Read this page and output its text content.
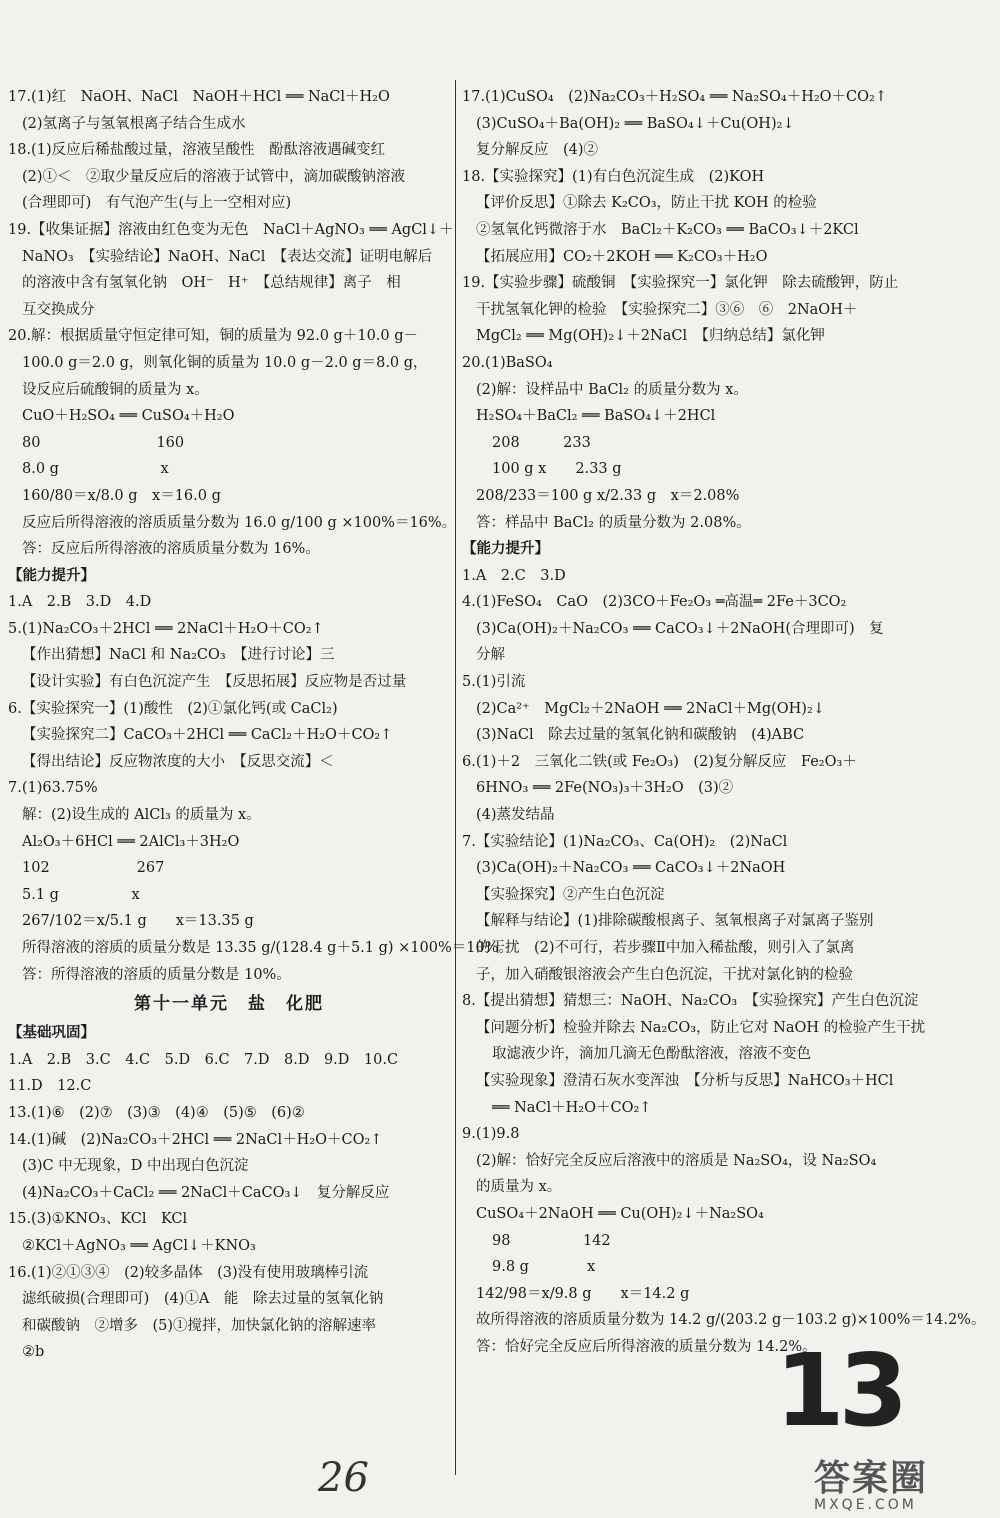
17.(1)红　NaOH、NaCl　NaOH＋HCl ══ NaCl＋H₂O
(2)氢离子与氢氧根离子结合生成水
18.(1)反应后稀盐酸过量，溶液呈酸性　酚酞溶液遇碱变红
(2)①＜　②取少量反应后的溶液于试管中，滴加碳酸钠溶液
(合理即可)　有气泡产生(与上一空相对应)
19.【收集证据】溶液由红色变为无色　NaCl＋AgNO₃ ══ AgCl↓＋
NaNO₃　【实验结论】NaOH、NaCl　【表达交流】证明电解后
的溶液中含有氢氧化钠　OH⁻　H⁺　【总结规律】离子　相
互交换成分
20.解：根据质量守恒定律可知，铜的质量为 92.0 g＋10.0 g－
100.0 g＝2.0 g，则氧化铜的质量为 10.0 g－2.0 g＝8.0 g，
设反应后硫酸铜的质量为 x。
CuO＋H₂SO₄ ══ CuSO₄＋H₂O
80　　　　　　　　160
8.0 g　　　　　　　x
160/80＝x/8.0 g　x＝16.0 g
反应后所得溶液的溶质质量分数为 16.0 g/100 g ×100%＝16%。
答：反应后所得溶液的溶质质量分数为 16%。
【能力提升】
1.A　2.B　3.D　4.D
5.(1)Na₂CO₃＋2HCl ══ 2NaCl＋H₂O＋CO₂↑
【作出猜想】NaCl 和 Na₂CO₃　【进行讨论】三
【设计实验】有白色沉淀产生　【反思拓展】反应物是否过量
6.【实验探究一】(1)酸性　(2)①氯化钙(或 CaCl₂)
【实验探究二】CaCO₃＋2HCl ══ CaCl₂＋H₂O＋CO₂↑
【得出结论】反应物浓度的大小　【反思交流】＜
7.(1)63.75%
解：(2)设生成的 AlCl₃ 的质量为 x。
Al₂O₃＋6HCl ══ 2AlCl₃＋3H₂O
102　　　　　　267
5.1 g　　　　　x
267/102＝x/5.1 g　　x＝13.35 g
所得溶液的溶质的质量分数是 13.35 g/(128.4 g＋5.1 g) ×100%＝10%。
答：所得溶液的溶质的质量分数是 10%。
第十一单元　盐　化肥
【基础巩固】
1.A　2.B　3.C　4.C　5.D　6.C　7.D　8.D　9.D　10.C
11.D　12.C
13.(1)⑥　(2)⑦　(3)③　(4)④　(5)⑤　(6)②
14.(1)碱　(2)Na₂CO₃＋2HCl ══ 2NaCl＋H₂O＋CO₂↑
(3)C 中无现象，D 中出现白色沉淀
(4)Na₂CO₃＋CaCl₂ ══ 2NaCl＋CaCO₃↓　复分解反应
15.(3)①KNO₃、KCl　KCl
②KCl＋AgNO₃ ══ AgCl↓＋KNO₃
16.(1)②①③④　(2)较多晶体　(3)没有使用玻璃棒引流
滤纸破损(合理即可)　(4)①A　能　除去过量的氢氧化钠
和碳酸钠　②增多　(5)①搅拌，加快氯化钠的溶解速率
②b
17.(1)CuSO₄　(2)Na₂CO₃＋H₂SO₄ ══ Na₂SO₄＋H₂O＋CO₂↑
(3)CuSO₄＋Ba(OH)₂ ══ BaSO₄↓＋Cu(OH)₂↓
复分解反应　(4)②
18.【实验探究】(1)有白色沉淀生成　(2)KOH
【评价反思】①除去 K₂CO₃，防止干扰 KOH 的检验
②氢氧化钙微溶于水　BaCl₂＋K₂CO₃ ══ BaCO₃↓＋2KCl
【拓展应用】CO₂＋2KOH ══ K₂CO₃＋H₂O
19.【实验步骤】硫酸铜　【实验探究一】氯化钾　除去硫酸钾，防止
干扰氢氧化钾的检验　【实验探究二】③⑥　⑥　2NaOH＋
MgCl₂ ══ Mg(OH)₂↓＋2NaCl　【归纳总结】氯化钾
20.(1)BaSO₄
(2)解：设样品中 BaCl₂ 的质量分数为 x。
H₂SO₄＋BaCl₂ ══ BaSO₄↓＋2HCl
208　　　233
100 g x　　2.33 g
208/233＝100 g x/2.33 g　x＝2.08%
答：样品中 BaCl₂ 的质量分数为 2.08%。
【能力提升】
1.A　2.C　3.D
4.(1)FeSO₄　CaO　(2)3CO＋Fe₂O₃ ═高温═ 2Fe＋3CO₂
(3)Ca(OH)₂＋Na₂CO₃ ══ CaCO₃↓＋2NaOH(合理即可)　复
分解
5.(1)引流
(2)Ca²⁺　MgCl₂＋2NaOH ══ 2NaCl＋Mg(OH)₂↓
(3)NaCl　除去过量的氢氧化钠和碳酸钠　(4)ABC
6.(1)＋2　三氧化二铁(或 Fe₂O₃)　(2)复分解反应　Fe₂O₃＋
6HNO₃ ══ 2Fe(NO₃)₃＋3H₂O　(3)②
(4)蒸发结晶
7.【实验结论】(1)Na₂CO₃、Ca(OH)₂　(2)NaCl
(3)Ca(OH)₂＋Na₂CO₃ ══ CaCO₃↓＋2NaOH
【实验探究】②产生白色沉淀
【解释与结论】(1)排除碳酸根离子、氢氧根离子对氯离子鉴别
的干扰　(2)不可行，若步骤Ⅱ中加入稀盐酸，则引入了氯离
子，加入硝酸银溶液会产生白色沉淀，干扰对氯化钠的检验
8.【提出猜想】猜想三：NaOH、Na₂CO₃　【实验探究】产生白色沉淀
【问题分析】检验并除去 Na₂CO₃，防止它对 NaOH 的检验产生干扰
取滤液少许，滴加几滴无色酚酞溶液，溶液不变色
【实验现象】澄清石灰水变浑浊　【分析与反思】NaHCO₃＋HCl
══ NaCl＋H₂O＋CO₂↑
9.(1)9.8
(2)解：恰好完全反应后溶液中的溶质是 Na₂SO₄，设 Na₂SO₄
的质量为 x。
CuSO₄＋2NaOH ══ Cu(OH)₂↓＋Na₂SO₄
98　　　　　142
9.8 g　　　　x
142/98＝x/9.8 g　　x＝14.2 g
故所得溶液的溶质质量分数为 14.2 g/(203.2 g－103.2 g)×100%＝14.2%。
答：恰好完全反应后所得溶液的质量分数为 14.2%。
13
26	答案圈
MXQE.COM
